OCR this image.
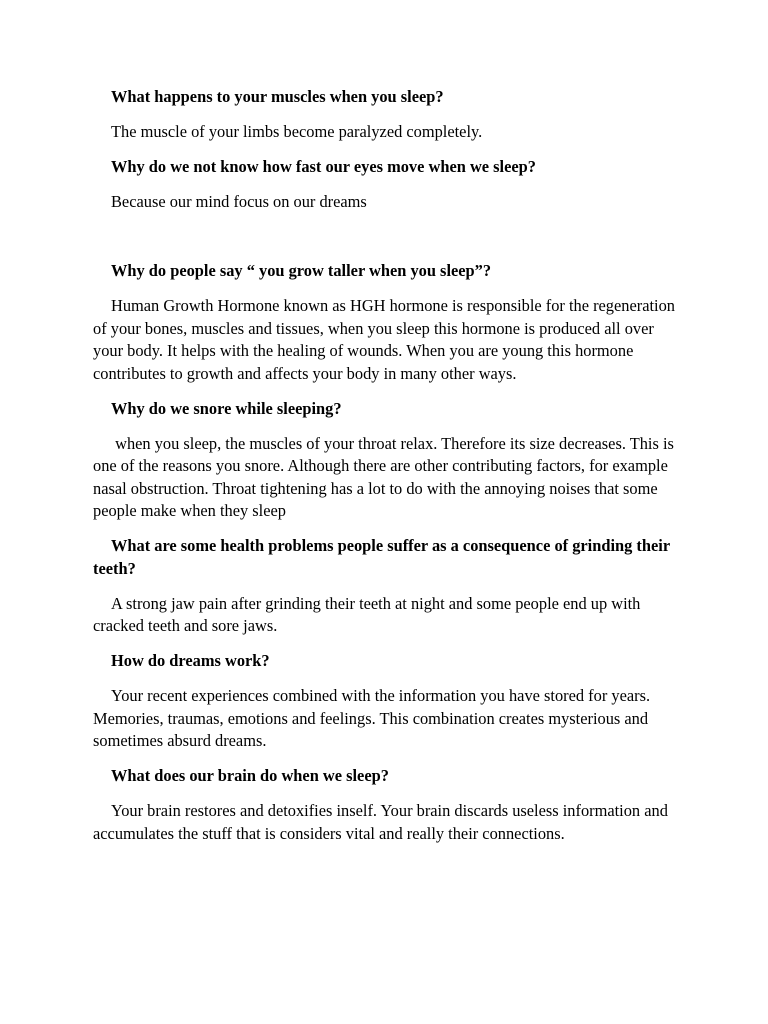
What happens to your muscles when you sleep?

The muscle of your limbs become paralyzed completely.

Why do we not know how fast our eyes move when we sleep?

Because our mind focus on our dreams

Why do people say “ you grow taller when you sleep”?

Human Growth Hormone known as HGH hormone is responsible for the regeneration of your bones, muscles and tissues, when you sleep this hormone is produced all over your body. It helps with the healing of wounds. When you are young this hormone contributes to growth and affects your body in many other ways.

Why do we snore while sleeping?

when you sleep, the muscles of your throat relax. Therefore its size decreases. This is one of the reasons you snore. Although there are other contributing factors, for example nasal obstruction. Throat tightening has a lot to do with the annoying noises that some people make when they sleep

What are some health problems people suffer as a consequence of grinding their teeth?

A strong jaw pain after grinding their teeth at night and some people end up with cracked teeth and sore jaws.

How do dreams work?

Your recent experiences combined with the information you have stored for years. Memories, traumas, emotions and feelings. This combination creates mysterious and sometimes absurd dreams.

What does our brain do when we sleep?

Your brain restores and detoxifies inself. Your brain discards useless information and accumulates the stuff that is considers vital and really their connections.
